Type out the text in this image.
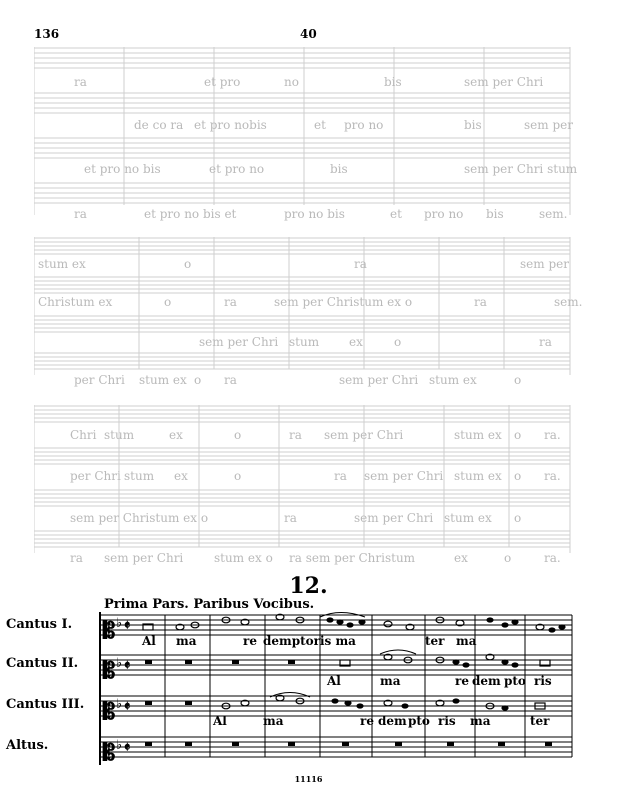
136	40
ra	et pro	no	bis	sem per Chri
de co ra et pro nobis	et pro no	bis	sem per
et pro no bis	et pro no	bis	sem per Chri stum
ra	et pro no bis et	pro no bis	et pro no bis	sem.
stum ex	o	ra	sem per
Christum ex	o	ra	sem per Christum ex o	ra	sem.
sem per Chri stum ex	o	ra
per Chri stum ex o ra	sem per Chri stum ex	o
Chri stum	ex	o	ra sem per Chri	stum ex o ra.
per Chri stum ex	o	ra sem per Chri stum ex o ra.
sem per Christum ex o	ra	sem per Chri stum ex o
ra sem per Chri	stum ex o ra sem per Christum	ex	o	ra.
12.
Prima Pars. Paribus Vocibus.
Cantus I.
Cantus II.
Cantus III.
Altus.
𝄡 ♭ 𝄵
𝄡 ♭ 𝄵
𝄡 ♭ 𝄵
𝄡 ♭ 𝄵
Al ma	re demptoris ma	ter ma
Al	ma	re dem pto ris
Al	ma	re dem pto ris ma	ter
11116
